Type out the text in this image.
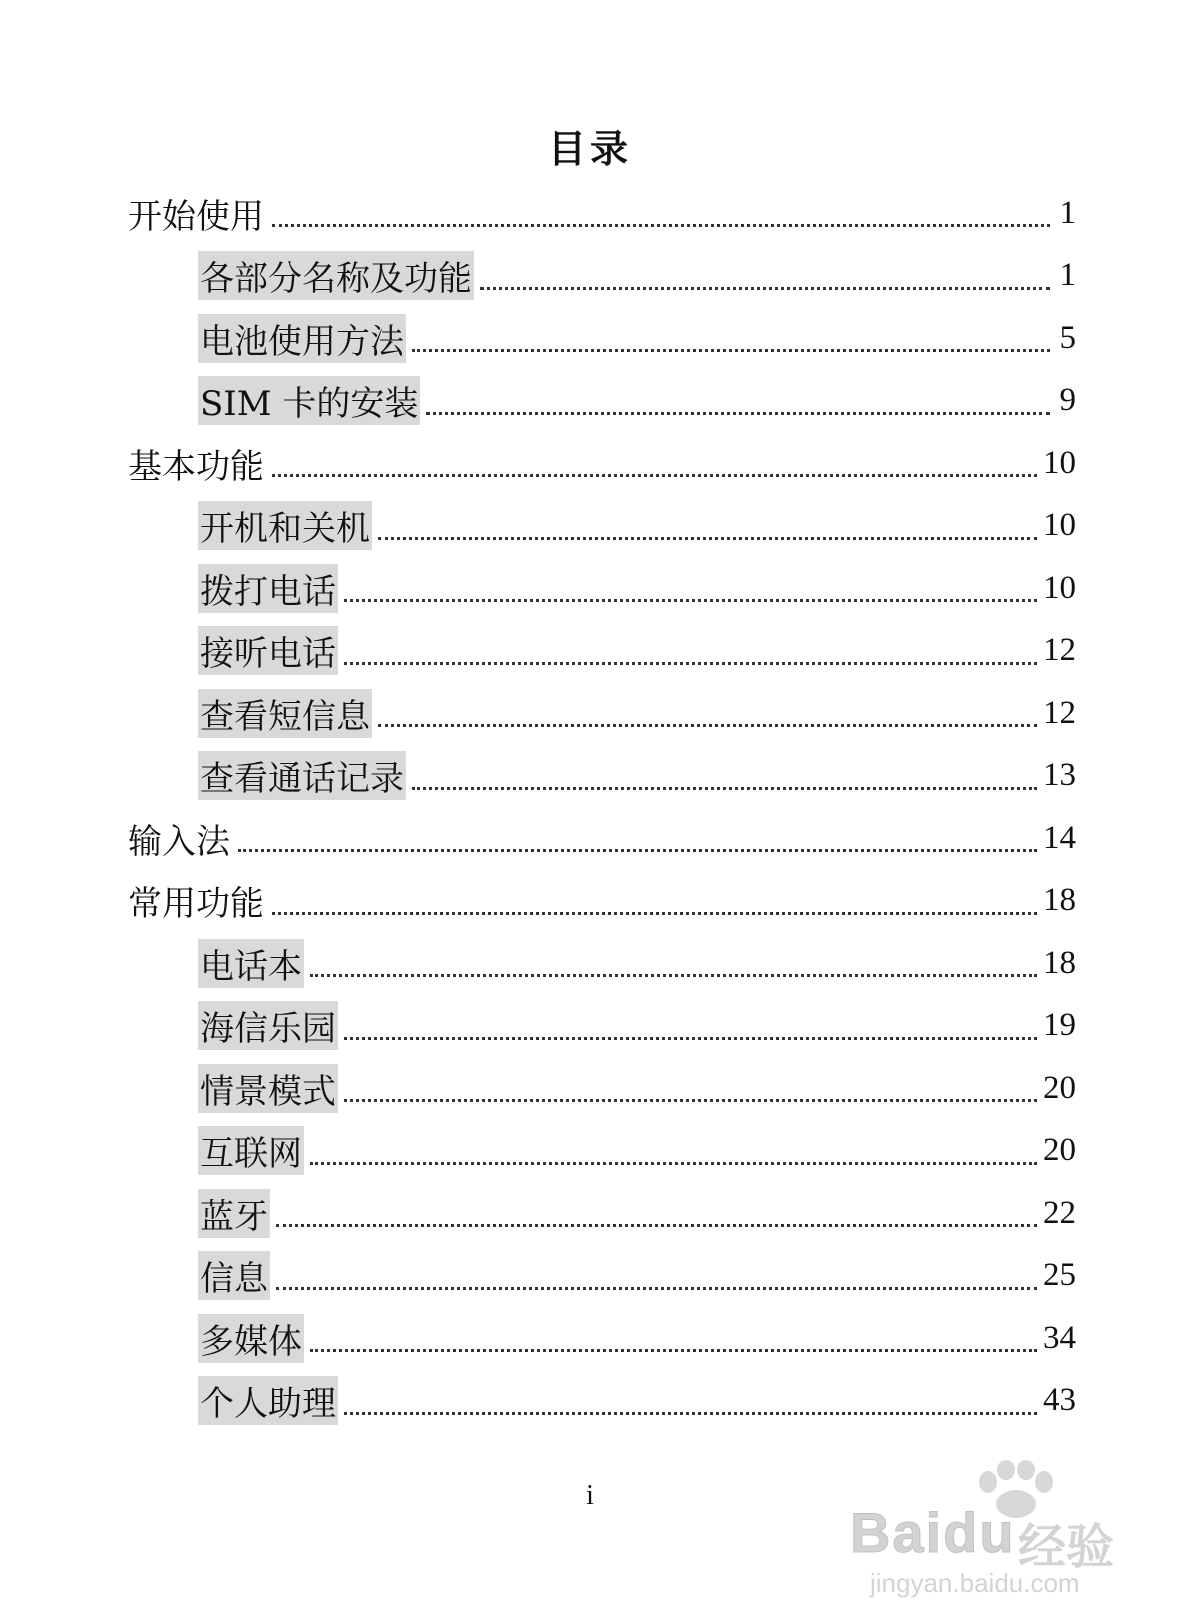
目录
开始使用	1
各部分名称及功能	1
电池使用方法	5
SIM 卡的安装	9
基本功能	10
开机和关机	10
拨打电话	10
接听电话	12
查看短信息	12
查看通话记录	13
输入法	14
常用功能	18
电话本	18
海信乐园	19
情景模式	20
互联网	20
蓝牙	22
信息	25
多媒体	34
个人助理	43
i
Baidu 经验
jingyan.baidu.com
